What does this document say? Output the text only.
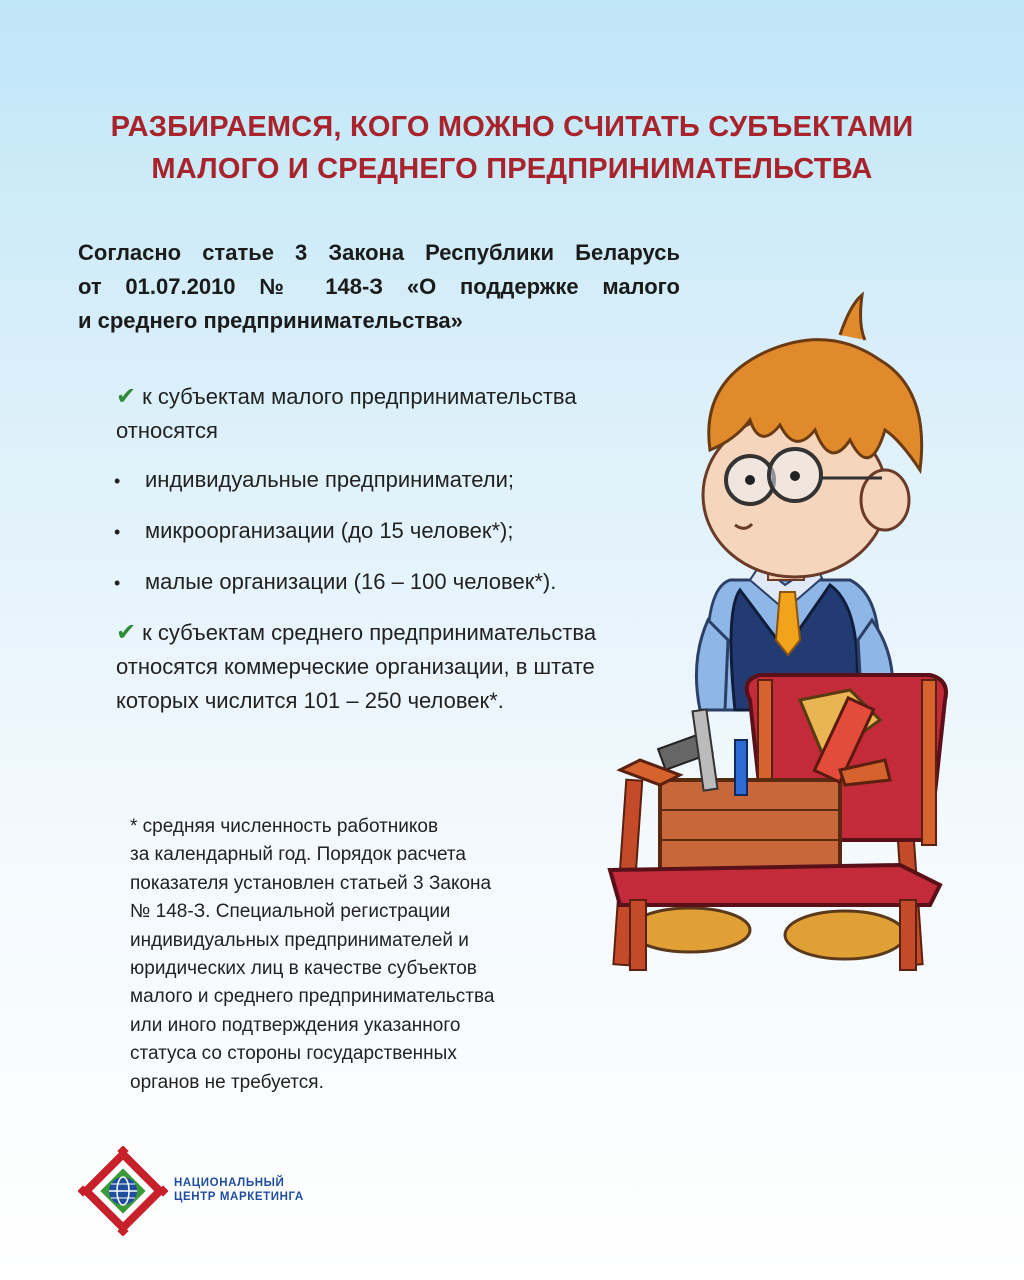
РАЗБИРАЕМСЯ, КОГО МОЖНО СЧИТАТЬ СУБЪЕКТАМИ
МАЛОГО И СРЕДНЕГО ПРЕДПРИНИМАТЕЛЬСТВА
Согласно статье 3 Закона Республики Беларусь
от 01.07.2010 № 148-З «О поддержке малого
и среднего предпринимательства»
✔ к субъектам малого предпринимательства
относятся
• индивидуальные предприниматели;
• микроорганизации (до 15 человек*);
• малые организации (16 – 100 человек*).
✔ к субъектам среднего предпринимательства
относятся коммерческие организации, в штате
которых числится 101 – 250 человек*.
* средняя численность работников
за календарный год. Порядок расчета
показателя установлен статьей 3 Закона
№ 148-З. Специальной регистрации
индивидуальных предпринимателей и
юридических лиц в качестве субъектов
малого и среднего предпринимательства
или иного подтверждения указанного
статуса со стороны государственных
органов не требуется.
НАЦИОНАЛЬНЫЙ
ЦЕНТР МАРКЕТИНГА
